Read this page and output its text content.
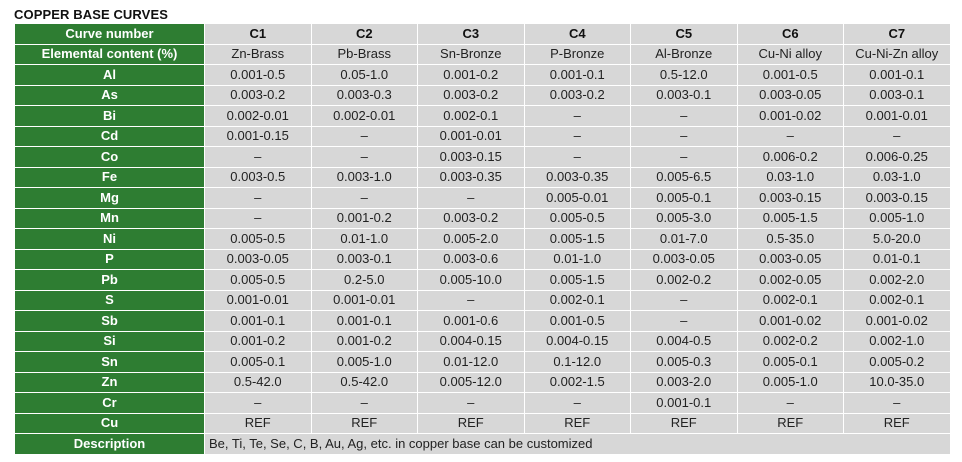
COPPER BASE CURVES
Curve number	C1	C2	C3	C4	C5	C6	C7
Elemental content (%)	Zn-Brass	Pb-Brass	Sn-Bronze	P-Bronze	Al-Bronze	Cu-Ni alloy	Cu-Ni-Zn alloy
Al	0.001-0.5	0.05-1.0	0.001-0.2	0.001-0.1	0.5-12.0	0.001-0.5	0.001-0.1
As	0.003-0.2	0.003-0.3	0.003-0.2	0.003-0.2	0.003-0.1	0.003-0.05	0.003-0.1
Bi	0.002-0.01	0.002-0.01	0.002-0.1	–	–	0.001-0.02	0.001-0.01
Cd	0.001-0.15	–	0.001-0.01	–	–	–	–
Co	–	–	0.003-0.15	–	–	0.006-0.2	0.006-0.25
Fe	0.003-0.5	0.003-1.0	0.003-0.35	0.003-0.35	0.005-6.5	0.03-1.0	0.03-1.0
Mg	–	–	–	0.005-0.01	0.005-0.1	0.003-0.15	0.003-0.15
Mn	–	0.001-0.2	0.003-0.2	0.005-0.5	0.005-3.0	0.005-1.5	0.005-1.0
Ni	0.005-0.5	0.01-1.0	0.005-2.0	0.005-1.5	0.01-7.0	0.5-35.0	5.0-20.0
P	0.003-0.05	0.003-0.1	0.003-0.6	0.01-1.0	0.003-0.05	0.003-0.05	0.01-0.1
Pb	0.005-0.5	0.2-5.0	0.005-10.0	0.005-1.5	0.002-0.2	0.002-0.05	0.002-2.0
S	0.001-0.01	0.001-0.01	–	0.002-0.1	–	0.002-0.1	0.002-0.1
Sb	0.001-0.1	0.001-0.1	0.001-0.6	0.001-0.5	–	0.001-0.02	0.001-0.02
Si	0.001-0.2	0.001-0.2	0.004-0.15	0.004-0.15	0.004-0.5	0.002-0.2	0.002-1.0
Sn	0.005-0.1	0.005-1.0	0.01-12.0	0.1-12.0	0.005-0.3	0.005-0.1	0.005-0.2
Zn	0.5-42.0	0.5-42.0	0.005-12.0	0.002-1.5	0.003-2.0	0.005-1.0	10.0-35.0
Cr	–	–	–	–	0.001-0.1	–	–
Cu	REF	REF	REF	REF	REF	REF	REF
Description	Be, Ti, Te, Se, C, B, Au, Ag, etc. in copper base can be customized						
